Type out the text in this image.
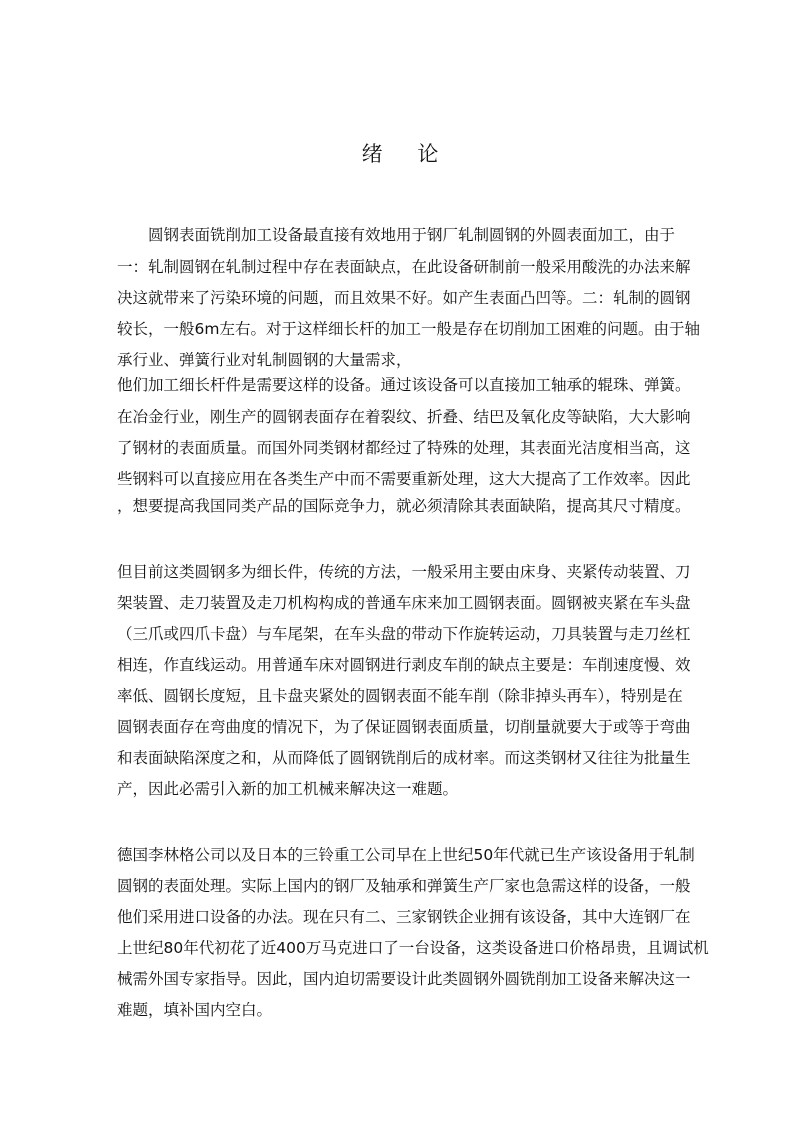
绪 论

　　圆钢表面铣削加工设备最直接有效地用于钢厂轧制圆钢的外圆表面加工，由于

一：轧制圆钢在轧制过程中存在表面缺点，在此设备研制前一般采用酸洗的办法来解

决这就带来了污染环境的问题，而且效果不好。如产生表面凸凹等。二：轧制的圆钢

较长，一般6m左右。对于这样细长杆的加工一般是存在切削加工困难的问题。由于轴

承行业、弹簧行业对轧制圆钢的大量需求，

他们加工细长杆件是需要这样的设备。通过该设备可以直接加工轴承的辊珠、弹簧。

在冶金行业，刚生产的圆钢表面存在着裂纹、折叠、结巴及氧化皮等缺陷，大大影响

了钢材的表面质量。而国外同类钢材都经过了特殊的处理，其表面光洁度相当高，这

些钢料可以直接应用在各类生产中而不需要重新处理，这大大提高了工作效率。因此

，想要提高我国同类产品的国际竞争力，就必须清除其表面缺陷，提高其尺寸精度。

但目前这类圆钢多为细长件，传统的方法，一般采用主要由床身、夹紧传动装置、刀

架装置、走刀装置及走刀机构构成的普通车床来加工圆钢表面。圆钢被夹紧在车头盘

（三爪或四爪卡盘）与车尾架，在车头盘的带动下作旋转运动，刀具装置与走刀丝杠

相连，作直线运动。用普通车床对圆钢进行剥皮车削的缺点主要是：车削速度慢、效

率低、圆钢长度短，且卡盘夹紧处的圆钢表面不能车削（除非掉头再车），特别是在

圆钢表面存在弯曲度的情况下，为了保证圆钢表面质量，切削量就要大于或等于弯曲

和表面缺陷深度之和，从而降低了圆钢铣削后的成材率。而这类钢材又往往为批量生

产，因此必需引入新的加工机械来解决这一难题。

德国李林格公司以及日本的三铃重工公司早在上世纪50年代就已生产该设备用于轧制

圆钢的表面处理。实际上国内的钢厂及轴承和弹簧生产厂家也急需这样的设备，一般

他们采用进口设备的办法。现在只有二、三家钢铁企业拥有该设备，其中大连钢厂在

上世纪80年代初花了近400万马克进口了一台设备，这类设备进口价格昂贵，且调试机

械需外国专家指导。因此，国内迫切需要设计此类圆钢外圆铣削加工设备来解决这一

难题，填补国内空白。
